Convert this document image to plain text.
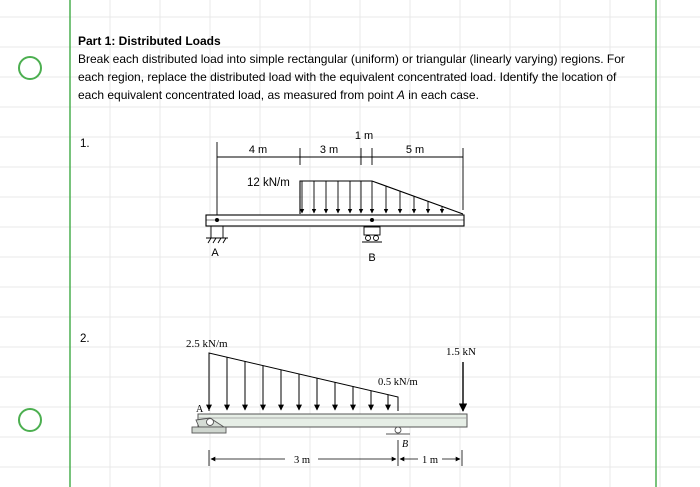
Part 1: Distributed Loads
Break each distributed load into simple rectangular (uniform) or triangular (linearly varying) regions. For each region, replace the distributed load with the equivalent concentrated load. Identify the location of each equivalent concentrated load, as measured from point A in each case.
1.
2.
4 m	3 m
1 m
5 m
12 kN/m
A	B
2.5 kN/m
0.5 kN/m
1.5 kN
A
B
3 m	1 m
